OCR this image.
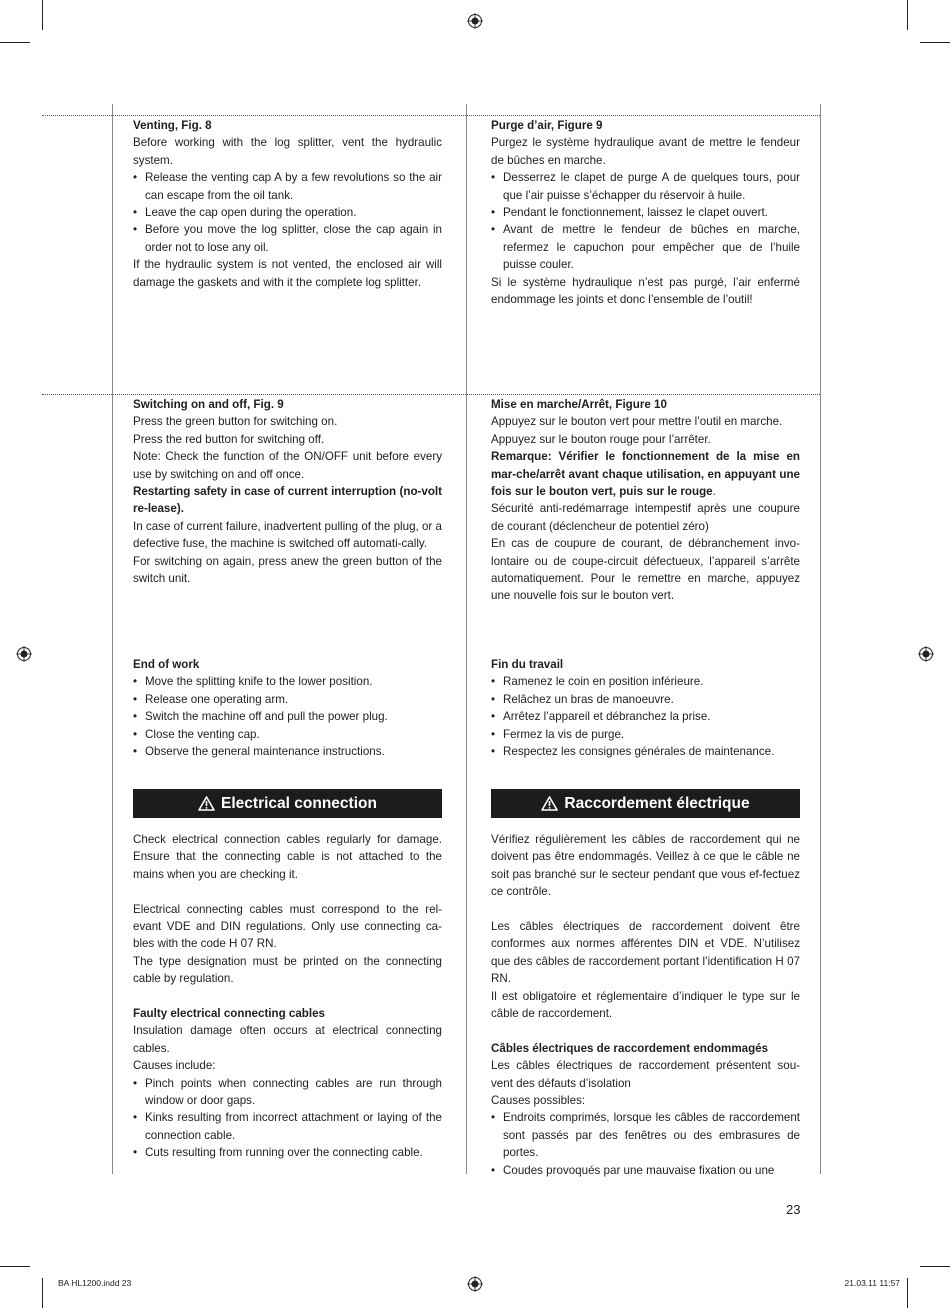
Venting, Fig. 8

Before working with the log splitter, vent the hydraulic system.

• Release the venting cap A by a few revolutions so the air can escape from the oil tank.
• Leave the cap open during the operation.
• Before you move the log splitter, close the cap again in order not to lose any oil.

If the hydraulic system is not vented, the enclosed air will damage the gaskets and with it the complete log splitter.

Switching on and off, Fig. 9

Press the green button for switching on.

Press the red button for switching off.

Note: Check the function of the ON/OFF unit before every use by switching on and off once.

Restarting safety in case of current interruption (no-volt re-lease).

In case of current failure, inadvertent pulling of the plug, or a defective fuse, the machine is switched off automati-cally.

For switching on again, press anew the green button of the switch unit.

End of work

• Move the splitting knife to the lower position.
• Release one operating arm.
• Switch the machine off and pull the power plug.
• Close the venting cap.
• Observe the general maintenance instructions.
Electrical connection

Check electrical connection cables regularly for damage. Ensure that the connecting cable is not attached to the mains when you are checking it.

Electrical connecting cables must correspond to the rel-evant VDE and DIN regulations. Only use connecting ca-bles with the code H 07 RN.

The type designation must be printed on the connecting cable by regulation.

Faulty electrical connecting cables

Insulation damage often occurs at electrical connecting cables.

Causes include:

• Pinch points when connecting cables are run through window or door gaps.
• Kinks resulting from incorrect attachment or laying of the connection cable.
• Cuts resulting from running over the connecting cable.

Purge d’air, Figure 9

Purgez le système hydraulique avant de mettre le fendeur de bûches en marche.

• Desserrez le clapet de purge A de quelques tours, pour que l’air puisse s’échapper du réservoir à huile.
• Pendant le fonctionnement, laissez le clapet ouvert.
• Avant de mettre le fendeur de bûches en marche, refermez le capuchon pour empêcher que de l’huile puisse couler.

Si le système hydraulique n’est pas purgé, l’air enfermé endommage les joints et donc l’ensemble de l’outil!

Mise en marche/Arrêt, Figure 10

Appuyez sur le bouton vert pour mettre l’outil en marche.

Appuyez sur le bouton rouge pour l’arrêter.

Remarque: Vérifier le fonctionnement de la mise en mar-che/arrêt avant chaque utilisation, en appuyant une fois sur le bouton vert, puis sur le rouge.

Sécurité anti-redémarrage intempestif après une coupure de courant (déclencheur de potentiel zéro)

En cas de coupure de courant, de débranchement invo-lontaire ou de coupe-circuit défectueux, l’appareil s’arrête automatiquement. Pour le remettre en marche, appuyez une nouvelle fois sur le bouton vert.

Fin du travail

• Ramenez le coin en position inférieure.
• Relâchez un bras de manoeuvre.
• Arrêtez l’appareil et débranchez la prise.
• Fermez la vis de purge.
• Respectez les consignes générales de maintenance.
Raccordement électrique

Vérifiez régulièrement les câbles de raccordement qui ne doivent pas être endommagés. Veillez à ce que le câble ne soit pas branché sur le secteur pendant que vous ef-fectuez ce contrôle.

Les câbles électriques de raccordement doivent être conformes aux normes afférentes DIN et VDE. N’utilisez que des câbles de raccordement portant l’identification H 07 RN.

Il est obligatoire et réglementaire d’indiquer le type sur le câble de raccordement.

Câbles électriques de raccordement endommagés

Les câbles électriques de raccordement présentent sou-vent des défauts d’isolation

Causes possibles:

• Endroits comprimés, lorsque les câbles de raccordement sont passés par des fenêtres ou des embrasures de portes.
• Coudes provoqués par une mauvaise fixation ou une
23
BA HL1200.indd 23	21.03.11 11:57
